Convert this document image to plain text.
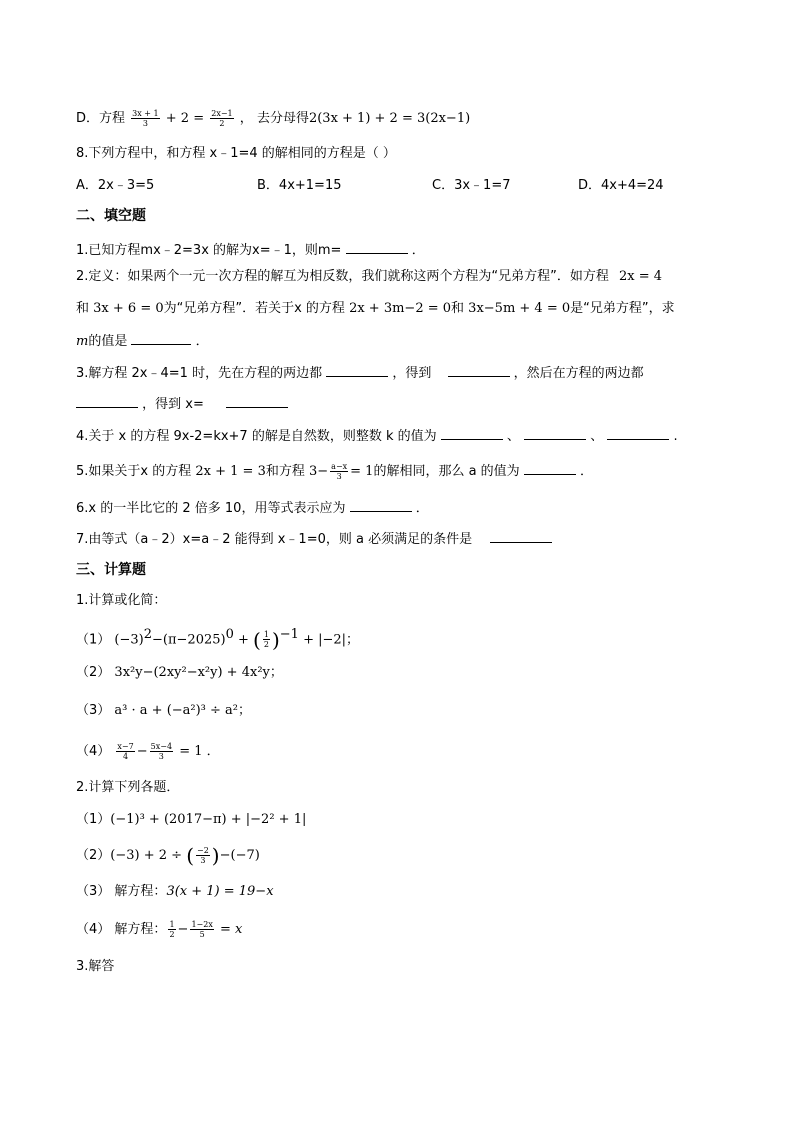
D．方程 $\frac{3x + 1}{3} + 2 = \frac{2x-1}{2}$ ， 去分母得2(3x + 1) + 2 = 3(2x−1)
8.下列方程中，和方程 x﹣1=4 的解相同的方程是（ ）
A．2x﹣3=5	B．4x+1=15	C．3x﹣1=7	D．4x+4=24
二、填空题
1.已知方程mx﹣2=3x 的解为x=﹣1，则m=	．
2.定义：如果两个一元一次方程的解互为相反数，我们就称这两个方程为“兄弟方程”．如方程 2x = 4
和 3x + 6 = 0为“兄弟方程”．若关于x 的方程 2x + 3m−2 = 0和 3x−5m + 4 = 0是“兄弟方程”，求
m的值是	．
3.解方程 2x﹣4=1 时，先在方程的两边都	，得到	，然后在方程的两边都
，得到 x=
4.关于 x 的方程 9x-2=kx+7 的解是自然数，则整数 k 的值为	、	、	.
5.如果关于x 的方程 2x + 1 = 3和方程 $3- \frac{a-x}{3} = 1$的解相同，那么 a 的值为	．
6.x 的一半比它的 2 倍多 10，用等式表示应为	．
7.由等式（a﹣2）x=a﹣2 能得到 x﹣1=0，则 a 必须满足的条件是
三、计算题
1.计算或化简：
（1） $(-3)^2-(\pi-2025)^0$ + ( $\frac{1}{2} )^{-1} + |-2|$；
（2） 3x²y−(2xy²−x²y) + 4x²y；
（3） a³ · a + (−a²)³ ÷ a²；
$(4) \frac{x-7}{4} - \frac{5x-4}{3} = 1$ ．
2.计算下列各题．
（1）(−1)³ + (2017−π) + |−2² + 1|
（2）(−3) + 2 ÷ ( $\frac{-2}{3} )-(-7)$
（3） 解方程：3(x + 1) = 19−x
（4） 解方程： $\frac{1}{2} - \frac{1-2x}{5} = x$
3.解答
